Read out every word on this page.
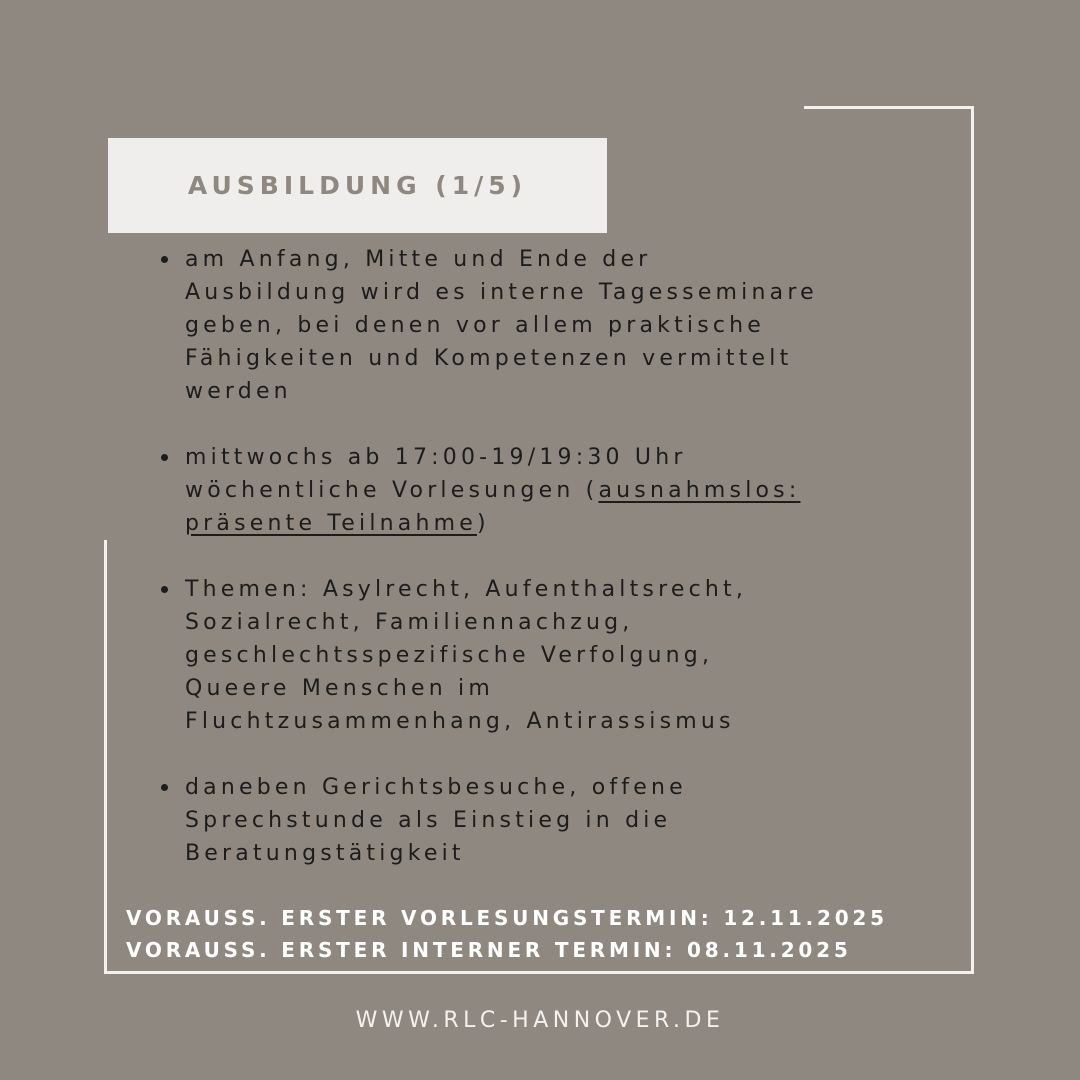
AUSBILDUNG (1/5)
am Anfang, Mitte und Ende der
Ausbildung wird es interne Tagesseminare
geben, bei denen vor allem praktische
Fähigkeiten und Kompetenzen vermittelt
werden
mittwochs ab 17:00-19/19:30 Uhr
wöchentliche Vorlesungen (ausnahmslos:
präsente Teilnahme)
Themen: Asylrecht, Aufenthaltsrecht,
Sozialrecht, Familiennachzug,
geschlechtsspezifische Verfolgung,
Queere Menschen im
Fluchtzusammenhang, Antirassismus
daneben Gerichtsbesuche, offene
Sprechstunde als Einstieg in die
Beratungstätigkeit
VORAUSS. ERSTER VORLESUNGSTERMIN: 12.11.2025
VORAUSS. ERSTER INTERNER TERMIN: 08.11.2025
WWW.RLC-HANNOVER.DE
